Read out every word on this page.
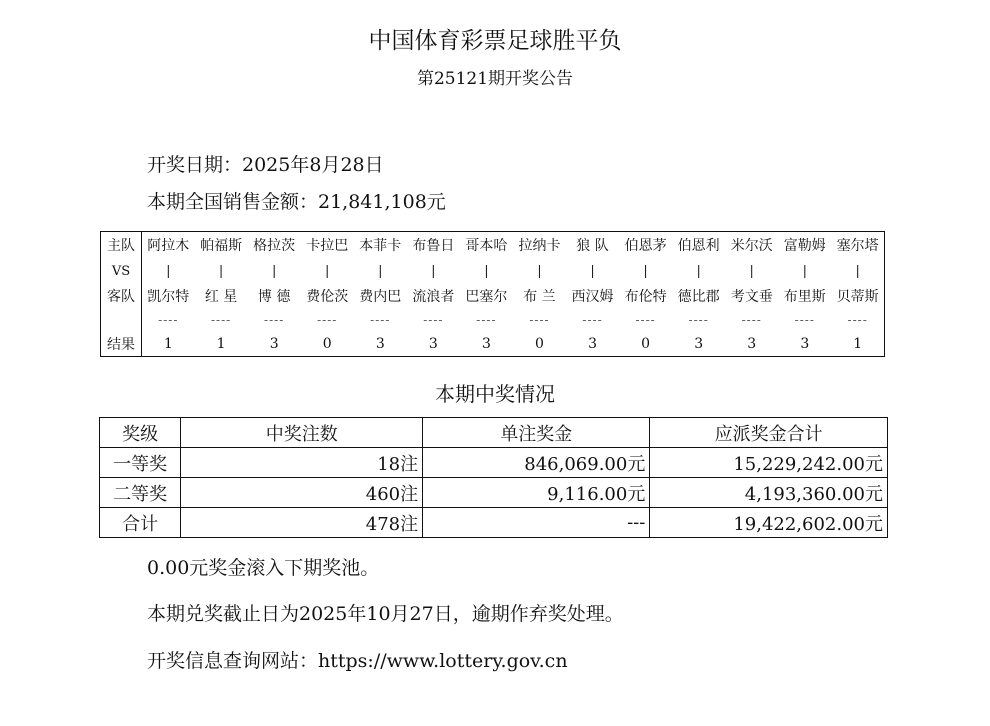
中国体育彩票足球胜平负
第25121期开奖公告
开奖日期：2025年8月28日
本期全国销售金额：21,841,108元
主队	阿拉木	帕福斯	格拉茨	卡拉巴	本菲卡	布鲁日	哥本哈	拉纳卡	狼 队	伯恩茅	伯恩利	米尔沃	富勒姆	塞尔塔
VS	|	|	|	|	|	|	|	|	|	|	|	|	|	|
客队	凯尔特	红 星	博 德	费伦茨	费内巴	流浪者	巴塞尔	布 兰	西汉姆	布伦特	德比郡	考文垂	布里斯	贝蒂斯
	----	----	----	----	----	----	----	----	----	----	----	----	----	----
结果	1	1	3	0	3	3	3	0	3	0	3	3	3	1
本期中奖情况
奖级	中奖注数	单注奖金	应派奖金合计
一等奖	18注	846,069.00元	15,229,242.00元
二等奖	460注	9,116.00元	4,193,360.00元
合计	478注	---	19,422,602.00元
0.00元奖金滚入下期奖池。
本期兑奖截止日为2025年10月27日，逾期作弃奖处理。
开奖信息查询网站：https://www.lottery.gov.cn
